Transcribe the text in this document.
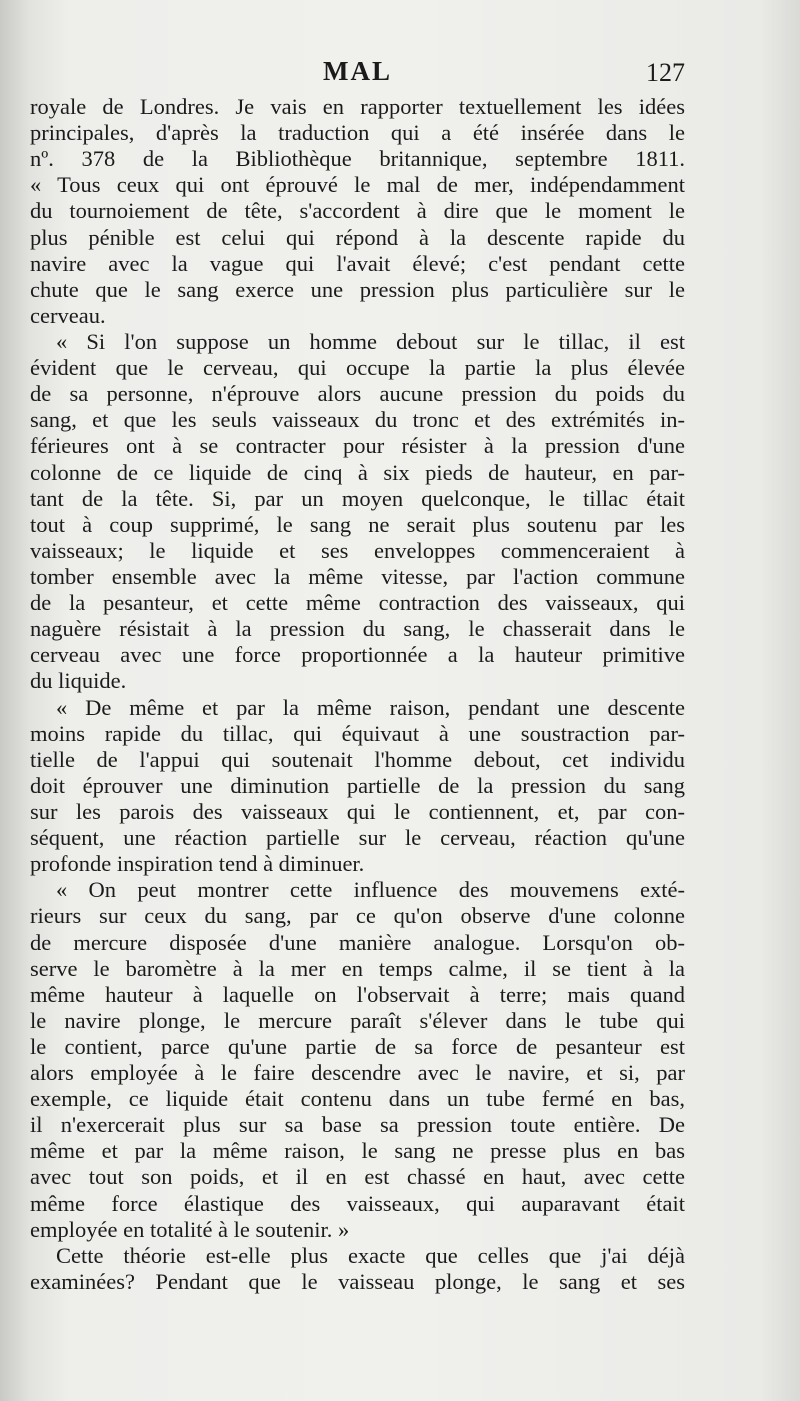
MAL	127
royale de Londres. Je vais en rapporter textuellement les idées
principales, d'après la traduction qui a été insérée dans le
nº. 378 de la Bibliothèque britannique, septembre 1811.
« Tous ceux qui ont éprouvé le mal de mer, indépendamment
du tournoiement de tête, s'accordent à dire que le moment le
plus pénible est celui qui répond à la descente rapide du
navire avec la vague qui l'avait élevé; c'est pendant cette
chute que le sang exerce une pression plus particulière sur le
cerveau.
« Si l'on suppose un homme debout sur le tillac, il est
évident que le cerveau, qui occupe la partie la plus élevée
de sa personne, n'éprouve alors aucune pression du poids du
sang, et que les seuls vaisseaux du tronc et des extrémités in-
férieures ont à se contracter pour résister à la pression d'une
colonne de ce liquide de cinq à six pieds de hauteur, en par-
tant de la tête. Si, par un moyen quelconque, le tillac était
tout à coup supprimé, le sang ne serait plus soutenu par les
vaisseaux; le liquide et ses enveloppes commenceraient à
tomber ensemble avec la même vitesse, par l'action commune
de la pesanteur, et cette même contraction des vaisseaux, qui
naguère résistait à la pression du sang, le chasserait dans le
cerveau avec une force proportionnée a la hauteur primitive
du liquide.
« De même et par la même raison, pendant une descente
moins rapide du tillac, qui équivaut à une soustraction par-
tielle de l'appui qui soutenait l'homme debout, cet individu
doit éprouver une diminution partielle de la pression du sang
sur les parois des vaisseaux qui le contiennent, et, par con-
séquent, une réaction partielle sur le cerveau, réaction qu'une
profonde inspiration tend à diminuer.
« On peut montrer cette influence des mouvemens exté-
rieurs sur ceux du sang, par ce qu'on observe d'une colonne
de mercure disposée d'une manière analogue. Lorsqu'on ob-
serve le baromètre à la mer en temps calme, il se tient à la
même hauteur à laquelle on l'observait à terre; mais quand
le navire plonge, le mercure paraît s'élever dans le tube qui
le contient, parce qu'une partie de sa force de pesanteur est
alors employée à le faire descendre avec le navire, et si, par
exemple, ce liquide était contenu dans un tube fermé en bas,
il n'exercerait plus sur sa base sa pression toute entière. De
même et par la même raison, le sang ne presse plus en bas
avec tout son poids, et il en est chassé en haut, avec cette
même force élastique des vaisseaux, qui auparavant était
employée en totalité à le soutenir. »
Cette théorie est-elle plus exacte que celles que j'ai déjà
examinées? Pendant que le vaisseau plonge, le sang et ses
